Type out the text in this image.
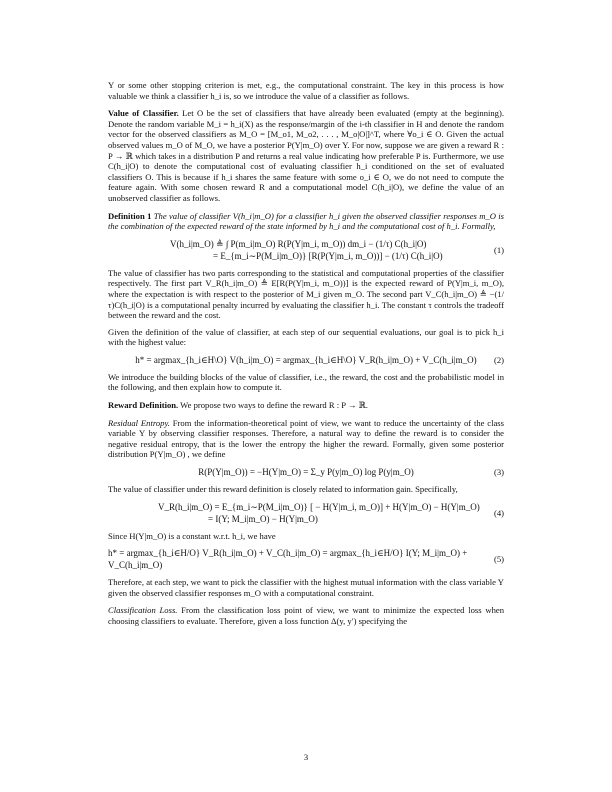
Y or some other stopping criterion is met, e.g., the computational constraint. The key in this process is how valuable we think a classifier h_i is, so we introduce the value of a classifier as follows.

Value of Classifier. Let O be the set of classifiers that have already been evaluated (empty at the beginning). Denote the random variable M_i = h_i(X) as the response/margin of the i-th classifier in H and denote the random vector for the observed classifiers as M_O = [M_o1, M_o2, . . . , M_o|O|]^T, where ∀o_i ∈ O. Given the actual observed values m_O of M_O, we have a posterior P(Y|m_O) over Y. For now, suppose we are given a reward R : P → ℝ which takes in a distribution P and returns a real value indicating how preferable P is. Furthermore, we use C(h_i|O) to denote the computational cost of evaluating classifier h_i conditioned on the set of evaluated classifiers O. This is because if h_i shares the same feature with some o_i ∈ O, we do not need to compute the feature again. With some chosen reward R and a computational model C(h_i|O), we define the value of an unobserved classifier as follows.

Definition 1 The value of classifier V(h_i|m_O) for a classifier h_i given the observed classifier responses m_O is the combination of the expected reward of the state informed by h_i and the computational cost of h_i. Formally,

V(h_i|m_O) ≜ ∫ P(m_i|m_O) R(P(Y|m_i, m_O)) dm_i − (1/τ) C(h_i|O)
= E_{m_i∼P(M_i|m_O)} [R(P(Y|m_i, m_O))] − (1/τ) C(h_i|O)
(1)

The value of classifier has two parts corresponding to the statistical and computational properties of the classifier respectively. The first part V_R(h_i|m_O) ≜ E[R(P(Y|m_i, m_O))] is the expected reward of P(Y|m_i, m_O), where the expectation is with respect to the posterior of M_i given m_O. The second part V_C(h_i|m_O) ≜ −(1/τ)C(h_i|O) is a computational penalty incurred by evaluating the classifier h_i. The constant τ controls the tradeoff between the reward and the cost.

Given the definition of the value of classifier, at each step of our sequential evaluations, our goal is to pick h_i with the highest value:

h* = argmax_{h_i∈H\O} V(h_i|m_O) = argmax_{h_i∈H\O} V_R(h_i|m_O) + V_C(h_i|m_O)	(2)

We introduce the building blocks of the value of classifier, i.e., the reward, the cost and the probabilistic model in the following, and then explain how to compute it.

Reward Definition. We propose two ways to define the reward R : P → ℝ.

Residual Entropy. From the information-theoretical point of view, we want to reduce the uncertainty of the class variable Y by observing classifier responses. Therefore, a natural way to define the reward is to consider the negative residual entropy, that is the lower the entropy the higher the reward. Formally, given some posterior distribution P(Y|m_O) , we define

R(P(Y|m_O)) = −H(Y|m_O) = Σ_y P(y|m_O) log P(y|m_O)	(3)

The value of classifier under this reward definition is closely related to information gain. Specifically,

V_R(h_i|m_O) = E_{m_i∼P(M_i|m_O)} [ − H(Y|m_i, m_O)] + H(Y|m_O) − H(Y|m_O)
= I(Y; M_i|m_O) − H(Y|m_O)
(4)

Since H(Y|m_O) is a constant w.r.t. h_i, we have

h* = argmax_{h_i∈H/O} V_R(h_i|m_O) + V_C(h_i|m_O) = argmax_{h_i∈H/O} I(Y; M_i|m_O) + V_C(h_i|m_O)
(5)

Therefore, at each step, we want to pick the classifier with the highest mutual information with the class variable Y given the observed classifier responses m_O with a computational constraint.

Classification Loss. From the classification loss point of view, we want to minimize the expected loss when choosing classifiers to evaluate. Therefore, given a loss function Δ(y, y′) specifying the

3
